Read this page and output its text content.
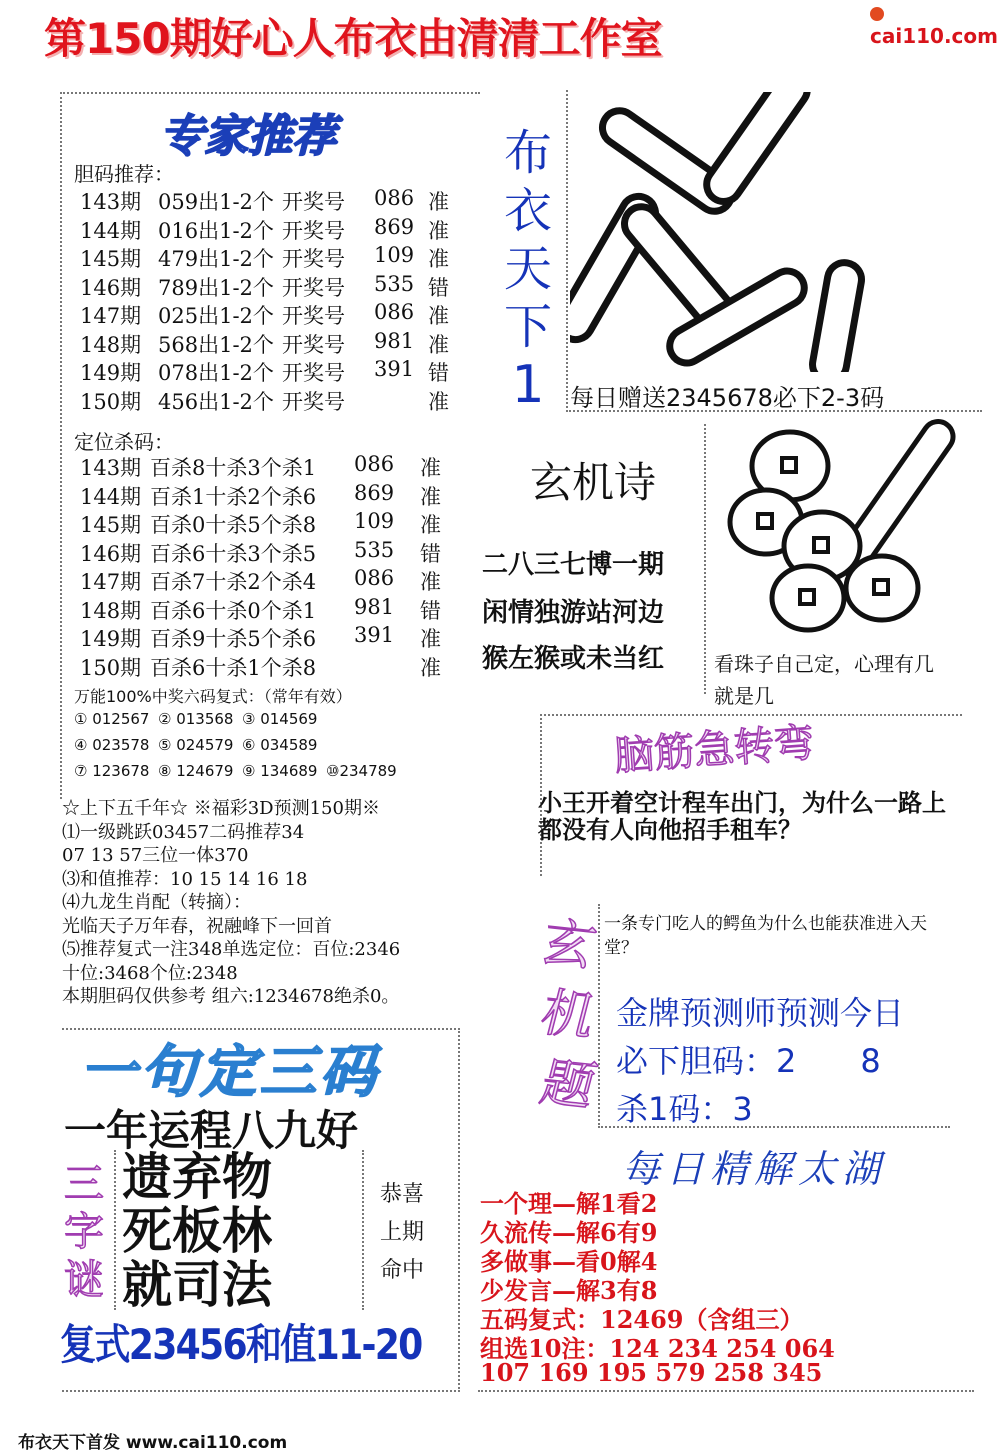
第150期好心人布衣由清清工作室	cai110.com
专家推荐
胆码推荐：
143期 059出1-2个 开奖号 086 准
144期 016出1-2个 开奖号 869 准
145期 479出1-2个 开奖号 109 准
146期 789出1-2个 开奖号 535 错
147期 025出1-2个 开奖号 086 准
148期 568出1-2个 开奖号 981 准
149期 078出1-2个 开奖号 391 错
150期 456出1-2个 开奖号	准
定位杀码：
143期 百杀8十杀3个杀1 086 准
144期 百杀1十杀2个杀6 869 准
145期 百杀0十杀5个杀8 109 准
146期 百杀6十杀3个杀5 535 错
147期 百杀7十杀2个杀4 086 准
148期 百杀6十杀0个杀1 981 错
149期 百杀9十杀5个杀6 391 准
150期 百杀6十杀1个杀8	准
万能100%中奖六码复式：（常年有效）
① 012567 ② 013568 ③ 014569
④ 023578 ⑤ 024579 ⑥ 034589
⑦ 123678 ⑧ 124679 ⑨ 134689 ⑩234789
布
衣
天
下
1	每日赠送2345678必下2-3码
玄机诗
二八三七博一期
闲情独游站河边
猴左猴或未当红 看珠子自己定，心理有几就是几
☆上下五千年☆ ※福彩3D预测150期※
⑴一级跳跃03457二码推荐34
07 13 57三位一体370
⑶和值推荐：10 15 14 16 18
⑷九龙生肖配（转摘）：
光临天子万年春，祝融峰下一回首
⑸推荐复式一注348单选定位：百位:2346
十位:3468个位:2348
本期胆码仅供参考 组六:1234678绝杀0。
脑筋急转弯
小王开着空计程车出门，为什么一路上都没有人向他招手租车？
玄
机
题
一条专门吃人的鳄鱼为什么也能获准进入天堂？
金牌预测师预测今日
必下胆码：2　　8
杀1码：3
一句定三码
一年运程八九好
三
字
谜
遗弃物
死板林
就司法
恭喜
上期
命中
复式23456和值11-20
每日精解太湖
一个理—解1看2
久流传—解6有9
多做事—看0解4
少发言—解3有8
五码复式：12469（含组三）
组选10注：124 234 254 064
107 169 195 579 258 345
布衣天下首发 www.cai110.com
